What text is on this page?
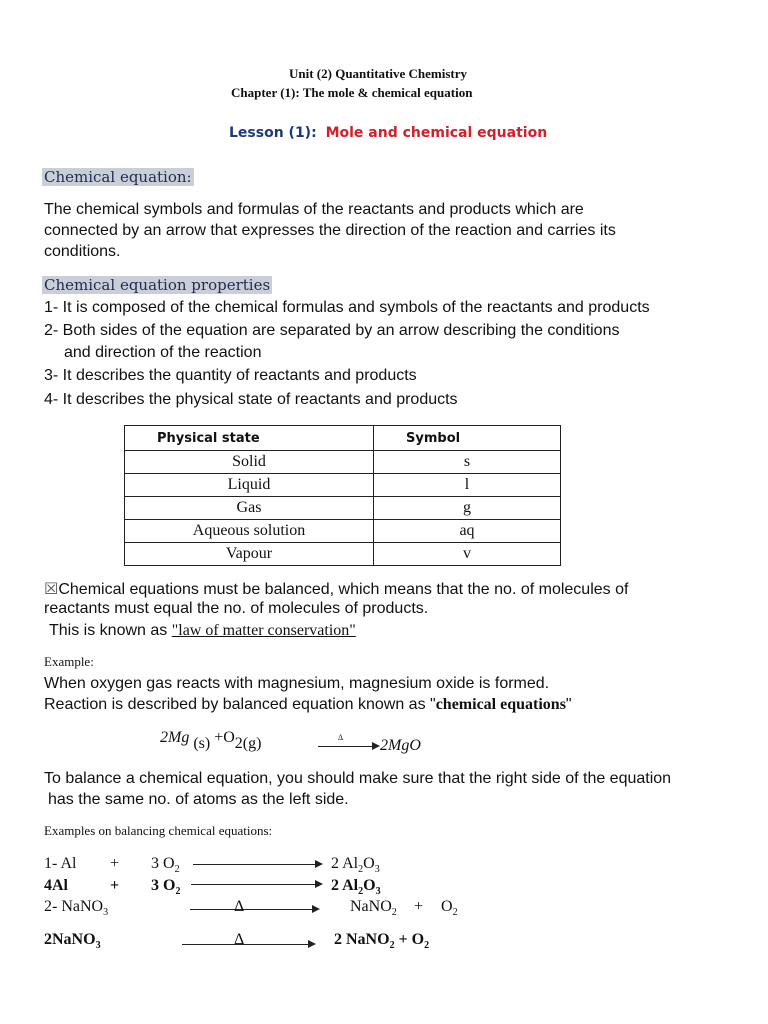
Unit (2) Quantitative Chemistry
Chapter (1): The mole & chemical equation
Lesson (1): Mole and chemical equation
Chemical equation:
The chemical symbols and formulas of the reactants and products which are
connected by an arrow that expresses the direction of the reaction and carries its
conditions.
Chemical equation properties
1- It is composed of the chemical formulas and symbols of the reactants and products
2- Both sides of the equation are separated by an arrow describing the conditions
and direction of the reaction
3- It describes the quantity of reactants and products
4- It describes the physical state of reactants and products
Physical state	Symbol
Solid	s
Liquid	l
Gas	g
Aqueous solution	aq
Vapour	v
☒Chemical equations must be balanced, which means that the no. of molecules of
reactants must equal the no. of molecules of products.
This is known as "law of matter conservation"
Example:
When oxygen gas reacts with magnesium, magnesium oxide is formed.
Reaction is described by balanced equation known as "chemical equations"
2Mg (s) +O2(g)	Δ 2MgO
To balance a chemical equation, you should make sure that the right side of the equation
has the same no. of atoms as the left side.
Examples on balancing chemical equations:
1- Al + 3 $O_2$	2 $Al_2O_3$
4Al	+ 3 $O_2$	2 $Al_2O_3$
2- NaNO$_3$	Δ	NaNO$_2$ + $O_2$
2NaNO$_3$	Δ	2 NaNO$_2$ + $O_2$
